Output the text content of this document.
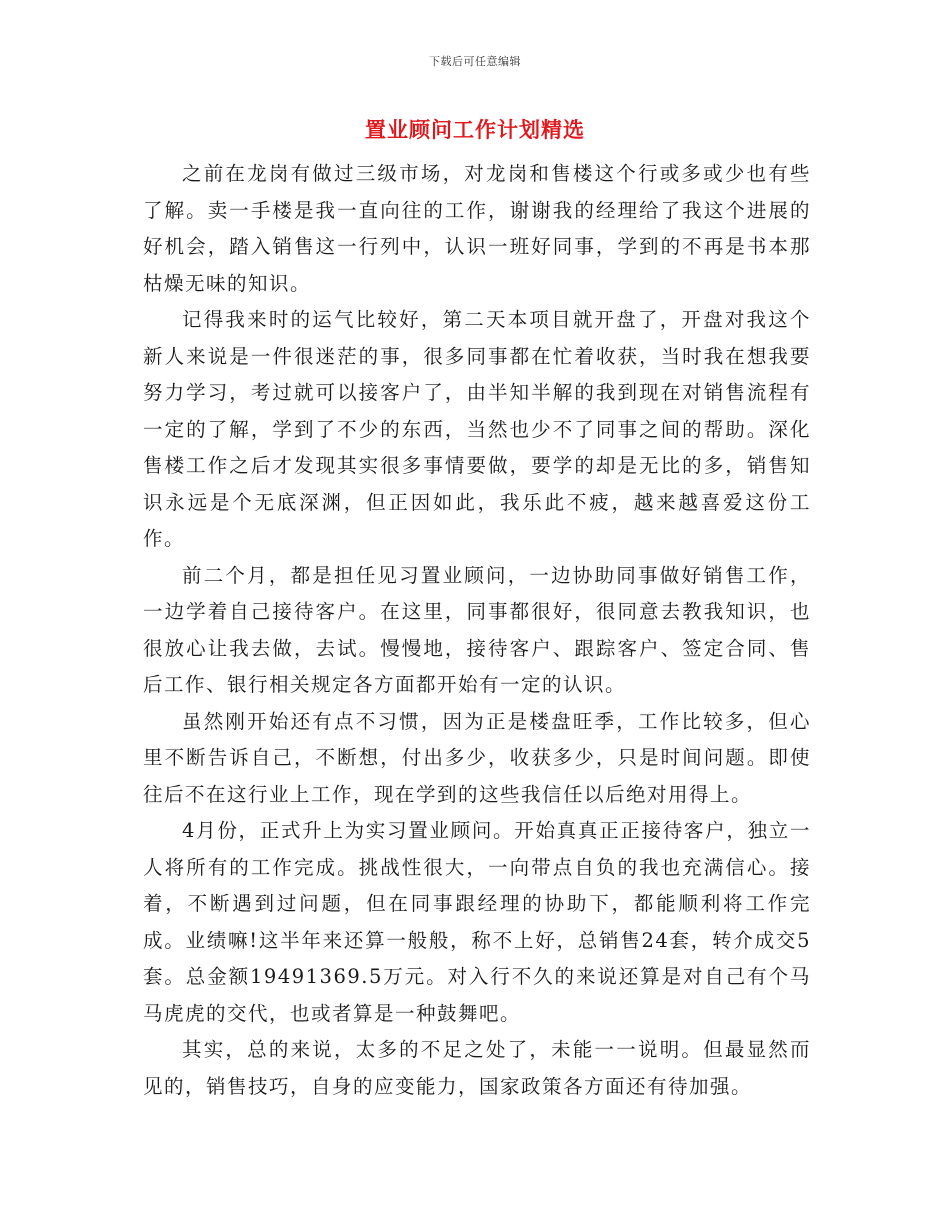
下载后可任意编辑
置业顾问工作计划精选

之前在龙岗有做过三级市场，对龙岗和售楼这个行或多或少也有些了解。卖一手楼是我一直向往的工作，谢谢我的经理给了我这个进展的好机会，踏入销售这一行列中，认识一班好同事，学到的不再是书本那枯燥无味的知识。

记得我来时的运气比较好，第二天本项目就开盘了，开盘对我这个新人来说是一件很迷茫的事，很多同事都在忙着收获，当时我在想我要努力学习，考过就可以接客户了，由半知半解的我到现在对销售流程有一定的了解，学到了不少的东西，当然也少不了同事之间的帮助。深化售楼工作之后才发现其实很多事情要做，要学的却是无比的多，销售知识永远是个无底深渊，但正因如此，我乐此不疲，越来越喜爱这份工作。

前二个月，都是担任见习置业顾问，一边协助同事做好销售工作，一边学着自己接待客户。在这里，同事都很好，很同意去教我知识，也很放心让我去做，去试。慢慢地，接待客户、跟踪客户、签定合同、售后工作、银行相关规定各方面都开始有一定的认识。

虽然刚开始还有点不习惯，因为正是楼盘旺季，工作比较多，但心里不断告诉自己，不断想，付出多少，收获多少，只是时间问题。即使往后不在这行业上工作，现在学到的这些我信任以后绝对用得上。

4月份，正式升上为实习置业顾问。开始真真正正接待客户，独立一人将所有的工作完成。挑战性很大，一向带点自负的我也充满信心。接着，不断遇到过问题，但在同事跟经理的协助下，都能顺利将工作完成。业绩嘛!这半年来还算一般般，称不上好，总销售24套，转介成交5套。总金额19491369.5万元。对入行不久的来说还算是对自己有个马马虎虎的交代，也或者算是一种鼓舞吧。

其实，总的来说，太多的不足之处了，未能一一说明。但最显然而见的，销售技巧，自身的应变能力，国家政策各方面还有待加强。
